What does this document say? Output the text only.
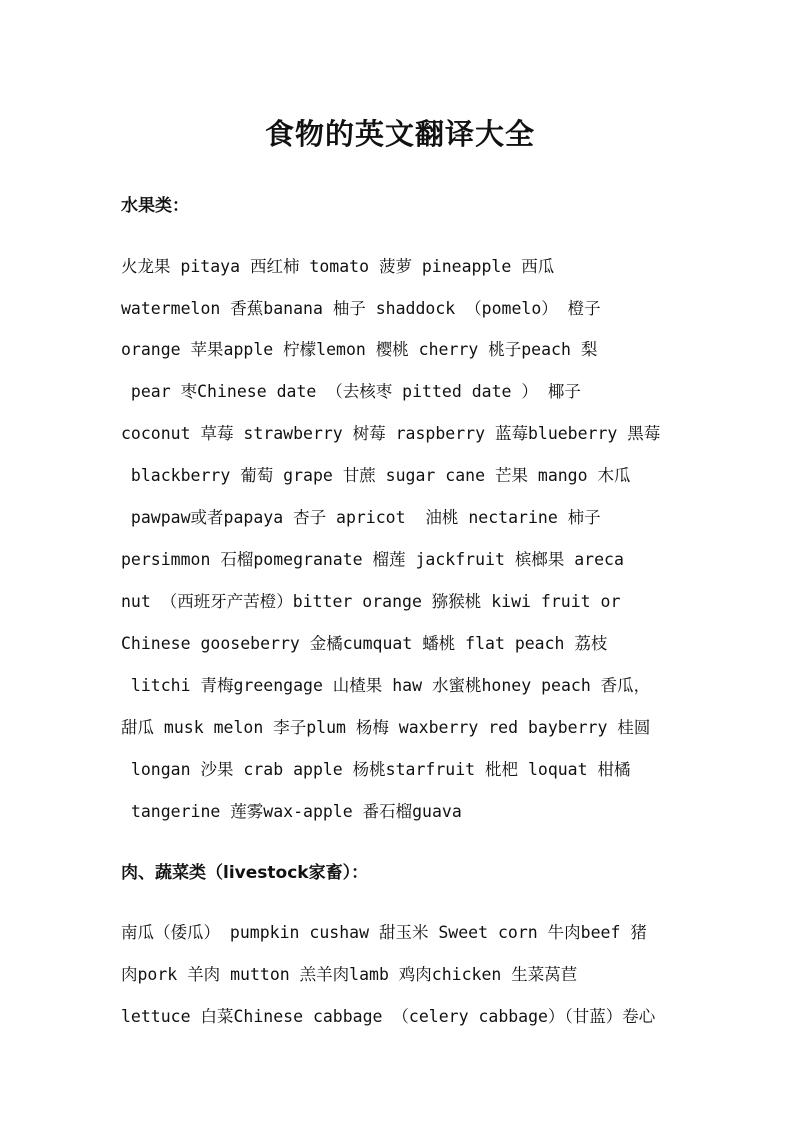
食物的英文翻译大全
水果类：
火龙果 pitaya 西红柿 tomato 菠萝 pineapple 西瓜
watermelon 香蕉banana 柚子 shaddock （pomelo） 橙子
orange 苹果apple 柠檬lemon 樱桃 cherry 桃子peach 梨
pear 枣Chinese date （去核枣 pitted date ） 椰子
coconut 草莓 strawberry 树莓 raspberry 蓝莓blueberry 黑莓
blackberry 葡萄 grape 甘蔗 sugar cane 芒果 mango 木瓜
pawpaw或者papaya 杏子 apricot  油桃 nectarine 柿子
persimmon 石榴pomegranate 榴莲 jackfruit 槟榔果 areca
nut （西班牙产苦橙）bitter orange 猕猴桃 kiwi fruit or
Chinese gooseberry 金橘cumquat 蟠桃 flat peach 荔枝
litchi 青梅greengage 山楂果 haw 水蜜桃honey peach 香瓜，
甜瓜 musk melon 李子plum 杨梅 waxberry red bayberry 桂圆
longan 沙果 crab apple 杨桃starfruit 枇杷 loquat 柑橘
tangerine 莲雾wax-apple 番石榴guava
肉、蔬菜类（livestock家畜）：
南瓜（倭瓜） pumpkin cushaw 甜玉米 Sweet corn 牛肉beef 猪
肉pork 羊肉 mutton 羔羊肉lamb 鸡肉chicken 生菜莴苣
lettuce 白菜Chinese cabbage （celery cabbage）（甘蓝）卷心
